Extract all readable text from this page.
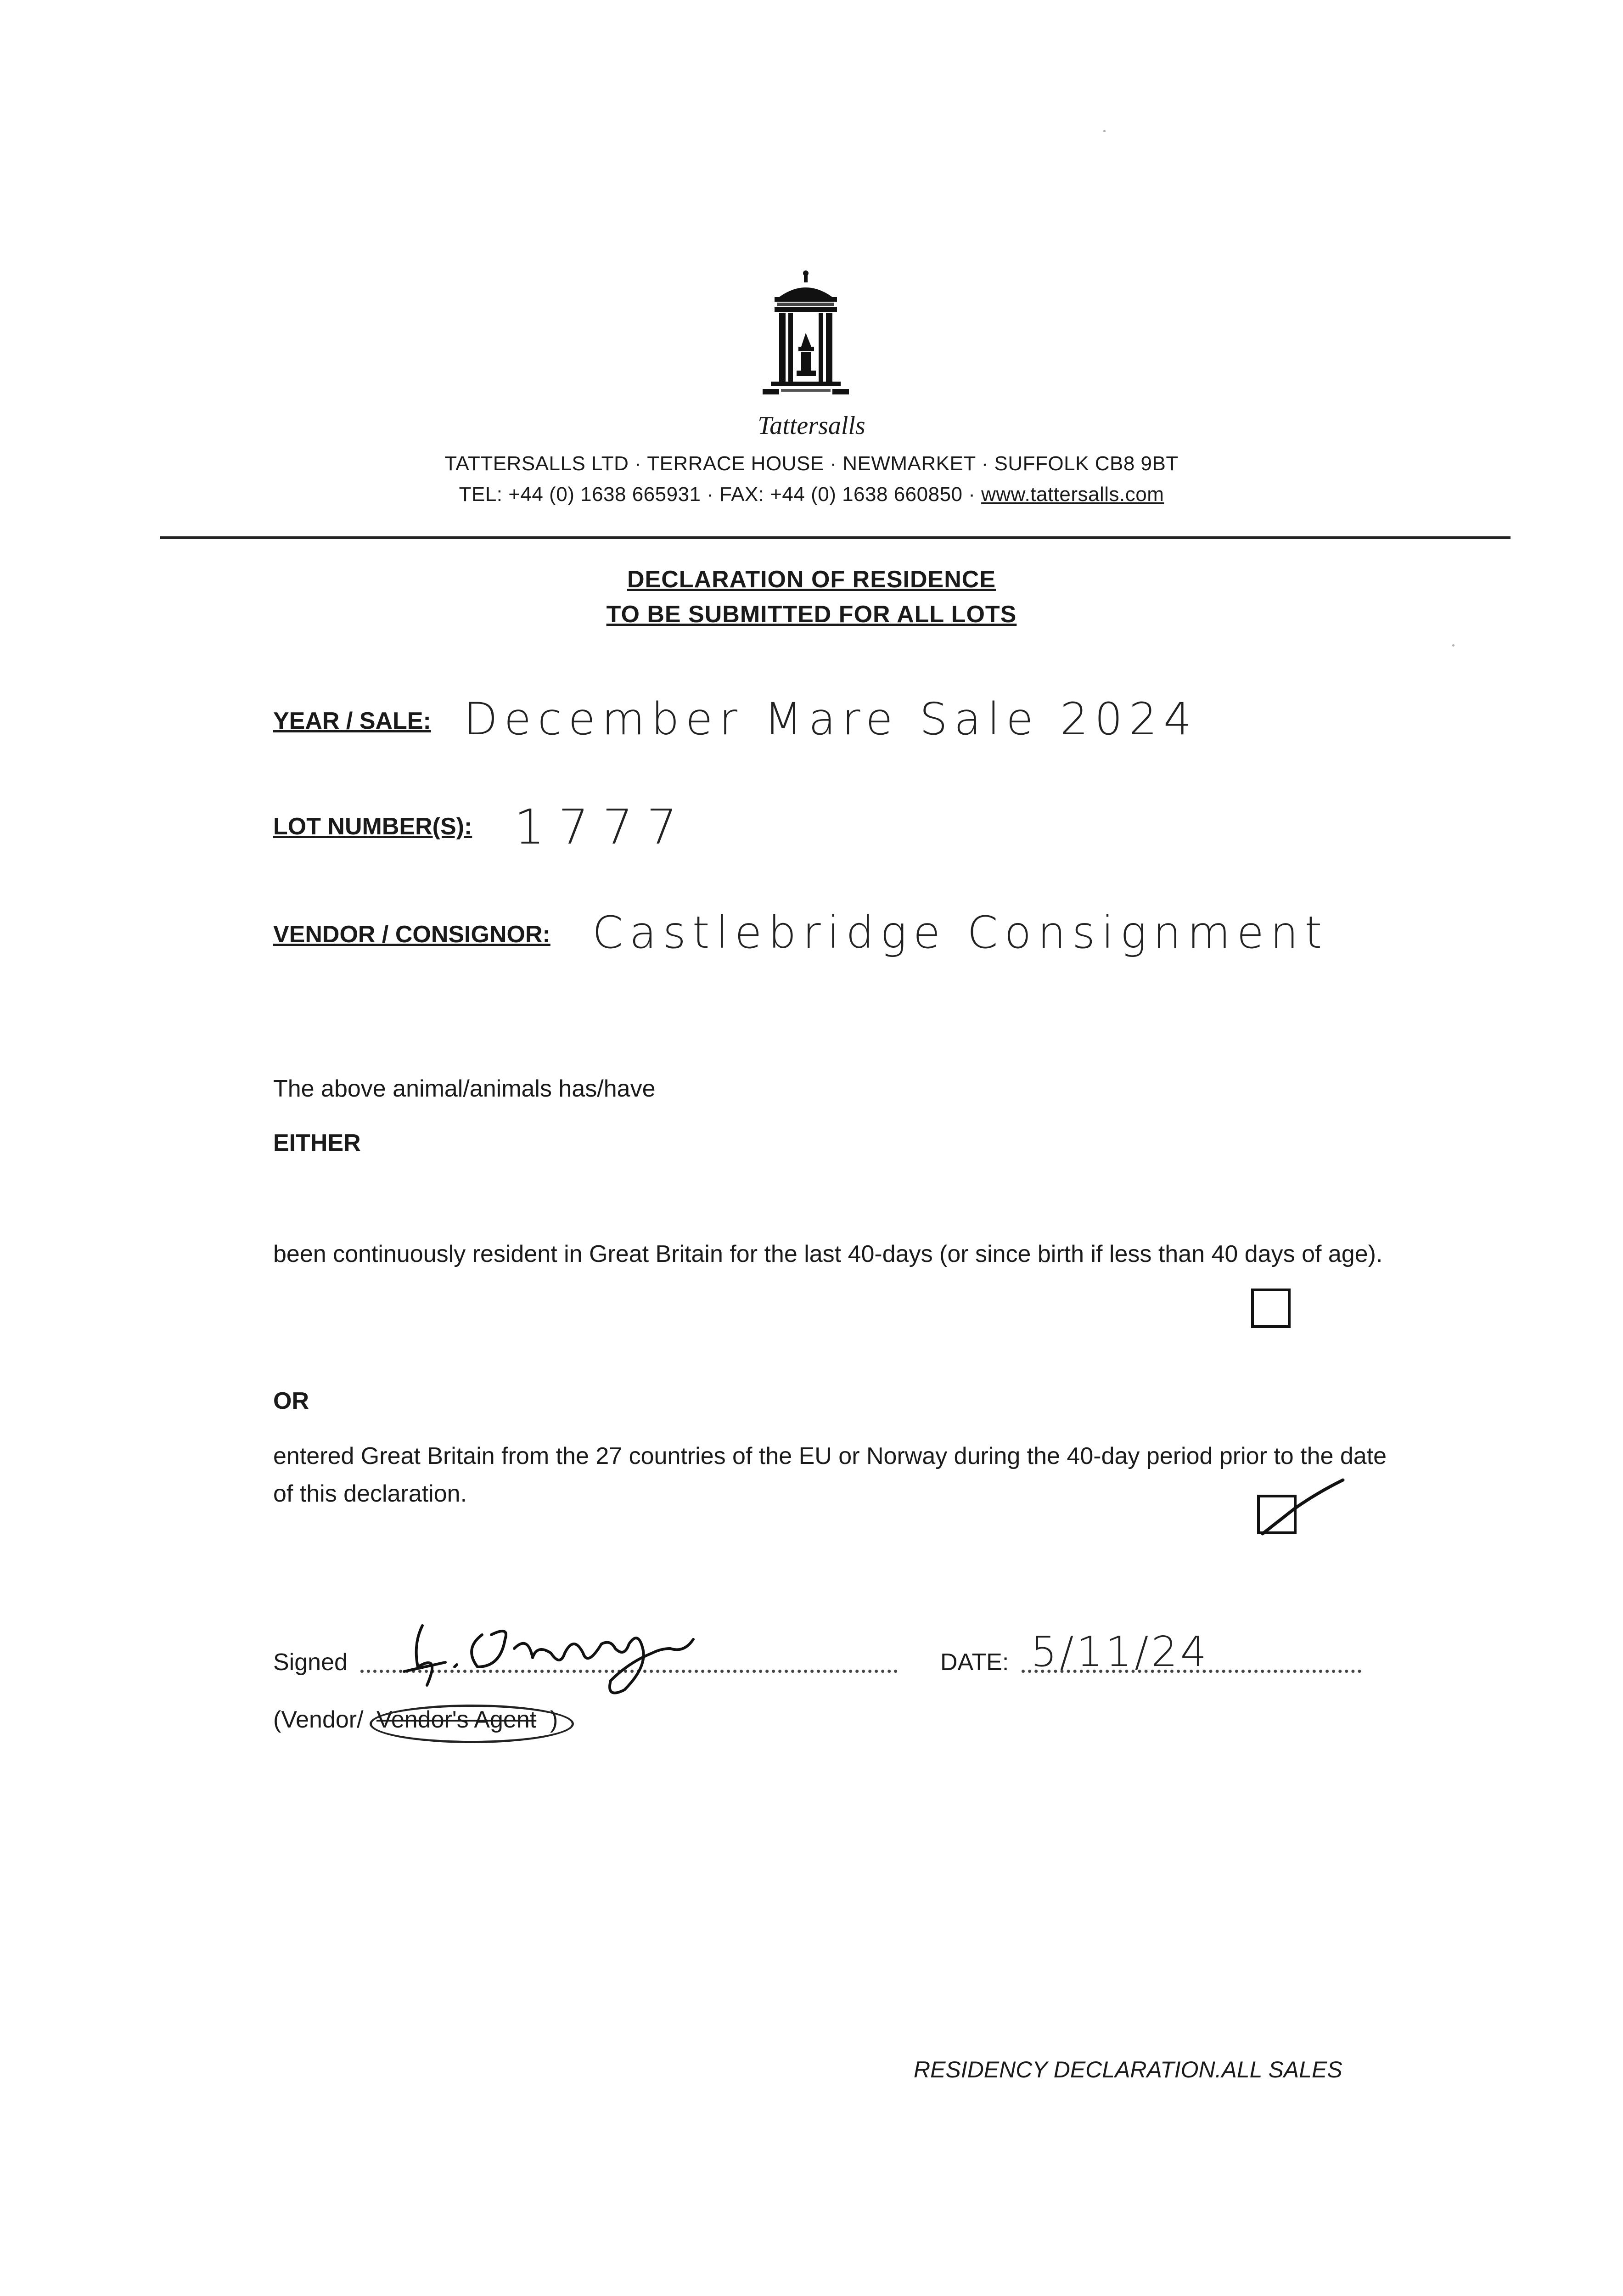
Tattersalls
TATTERSALLS LTD · TERRACE HOUSE · NEWMARKET · SUFFOLK CB8 9BT
TEL: +44 (0) 1638 665931 · FAX: +44 (0) 1638 660850 · www.tattersalls.com
DECLARATION OF RESIDENCE
TO BE SUBMITTED FOR ALL LOTS
YEAR / SALE: December Mare Sale 2024
LOT NUMBER(S): 1777
VENDOR / CONSIGNOR: Castlebridge Consignment
The above animal/animals has/have
EITHER
been continuously resident in Great Britain for the last 40-days (or since birth if less than 40 days of age).
OR
entered Great Britain from the 27 countries of the EU or Norway during the 40-day period prior to the date of this declaration.
Signed	DATE: 5/11/24
(Vendor/ Vendor's Agent )
RESIDENCY DECLARATION.ALL SALES
